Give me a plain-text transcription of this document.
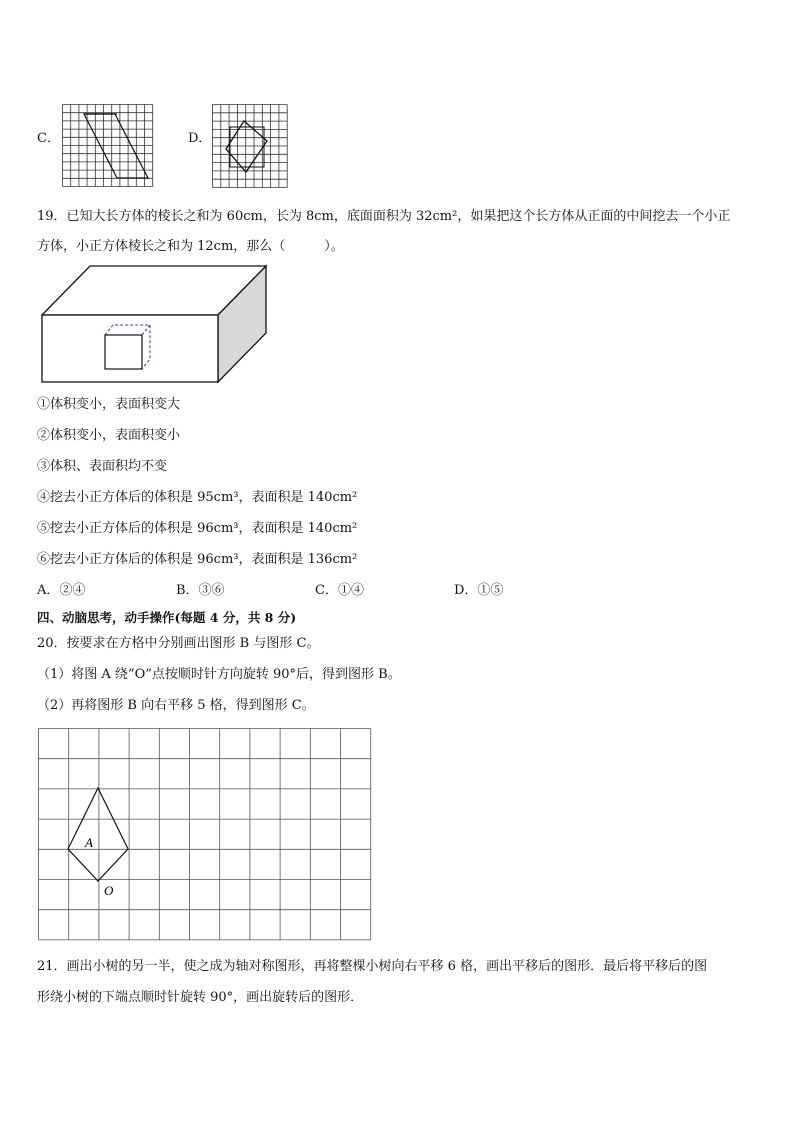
C．	D．
19．已知大长方体的棱长之和为 60cm，长为 8cm，底面面积为 32cm²，如果把这个长方体从正面的中间挖去一个小正
方体，小正方体棱长之和为 12cm，那么（　　　）。
①体积变小，表面积变大
②体积变小，表面积变小
③体积、表面积均不变
④挖去小正方体后的体积是 95cm³，表面积是 140cm²
⑤挖去小正方体后的体积是 96cm³，表面积是 140cm²
⑥挖去小正方体后的体积是 96cm³，表面积是 136cm²
A．②④	B．③⑥	C．①④	D．①⑤
四、动脑思考，动手操作(每题 4 分，共 8 分)
20．按要求在方格中分别画出图形 B 与图形 C。
（1）将图 A 绕“O”点按顺时针方向旋转 90°后，得到图形 B。
（2）再将图形 B 向右平移 5 格，得到图形 C。
A
O
21．画出小树的另一半，使之成为轴对称图形，再将整棵小树向右平移 6 格，画出平移后的图形．最后将平移后的图
形绕小树的下端点顺时针旋转 90°，画出旋转后的图形．
